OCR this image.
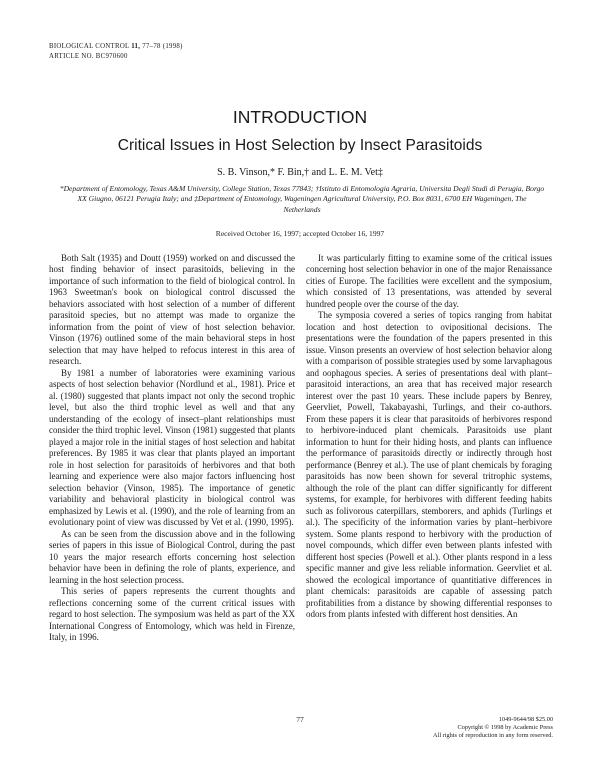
BIOLOGICAL CONTROL 11, 77–78 (1998)
ARTICLE NO. BC970600
INTRODUCTION
Critical Issues in Host Selection by Insect Parasitoids
S. B. Vinson,* F. Bin,† and L. E. M. Vet‡
*Department of Entomology, Texas A&M University, College Station, Texas 77843; †Istituto di Entomologia Agraria, Universita Degli Studi di Perugia, Borgo XX Giugno, 06121 Perugia Italy; and ‡Department of Entomology, Wageningen Agricultural University, P.O. Box 8031, 6700 EH Wageningen, The Netherlands
Received October 16, 1997; accepted October 16, 1997

Both Salt (1935) and Doutt (1959) worked on and discussed the host finding behavior of insect parasitoids, believing in the importance of such information to the field of biological control. In 1963 Sweetman's book on biological control discussed the behaviors associated with host selection of a number of different parasitoid species, but no attempt was made to organize the information from the point of view of host selection behavior. Vinson (1976) outlined some of the main behavioral steps in host selection that may have helped to refocus interest in this area of research.

By 1981 a number of laboratories were examining various aspects of host selection behavior (Nordlund et al., 1981). Price et al. (1980) suggested that plants impact not only the second trophic level, but also the third trophic level as well and that any understanding of the ecology of insect–plant relationships must consider the third trophic level. Vinson (1981) suggested that plants played a major role in the initial stages of host selection and habitat preferences. By 1985 it was clear that plants played an important role in host selection for parasitoids of herbivores and that both learning and experience were also major factors influencing host selection behavior (Vinson, 1985). The importance of genetic variability and behavioral plasticity in biological control was emphasized by Lewis et al. (1990), and the role of learning from an evolutionary point of view was discussed by Vet et al. (1990, 1995).

As can be seen from the discussion above and in the following series of papers in this issue of Biological Control, during the past 10 years the major research efforts concerning host selection behavior have been in defining the role of plants, experience, and learning in the host selection process.

This series of papers represents the current thoughts and reflections concerning some of the current critical issues with regard to host selection. The symposium was held as part of the XX International Congress of Entomology, which was held in Firenze, Italy, in 1996.

It was particularly fitting to examine some of the critical issues concerning host selection behavior in one of the major Renaissance cities of Europe. The facilities were excellent and the symposium, which consisted of 13 presentations, was attended by several hundred people over the course of the day.

The symposia covered a series of topics ranging from habitat location and host detection to ovipositional decisions. The presentations were the foundation of the papers presented in this issue. Vinson presents an overview of host selection behavior along with a comparison of possible strategies used by some larvaphagous and oophagous species. A series of presentations deal with plant–parasitoid interactions, an area that has received major research interest over the past 10 years. These include papers by Benrey, Geervliet, Powell, Takabayashi, Turlings, and their co-authors. From these papers it is clear that parasitoids of herbivores respond to herbivore-induced plant chemicals. Parasitoids use plant information to hunt for their hiding hosts, and plants can influence the performance of parasitoids directly or indirectly through host performance (Benrey et al.). The use of plant chemicals by foraging parasitoids has now been shown for several tritrophic systems, although the role of the plant can differ significantly for different systems, for example, for herbivores with different feeding habits such as folivorous caterpillars, stemborers, and aphids (Turlings et al.). The specificity of the information varies by plant–herbivore system. Some plants respond to herbivory with the production of novel compounds, which differ even between plants infested with different host species (Powell et al.). Other plants respond in a less specific manner and give less reliable information. Geervliet et al. showed the ecological importance of quantitiative differences in plant chemicals: parasitoids are capable of assessing patch profitabilities from a distance by showing differential responses to odors from plants infested with different host densities. An

77	1049-9644/98 $25.00
Copyright © 1998 by Academic Press
All rights of reproduction in any form reserved.
